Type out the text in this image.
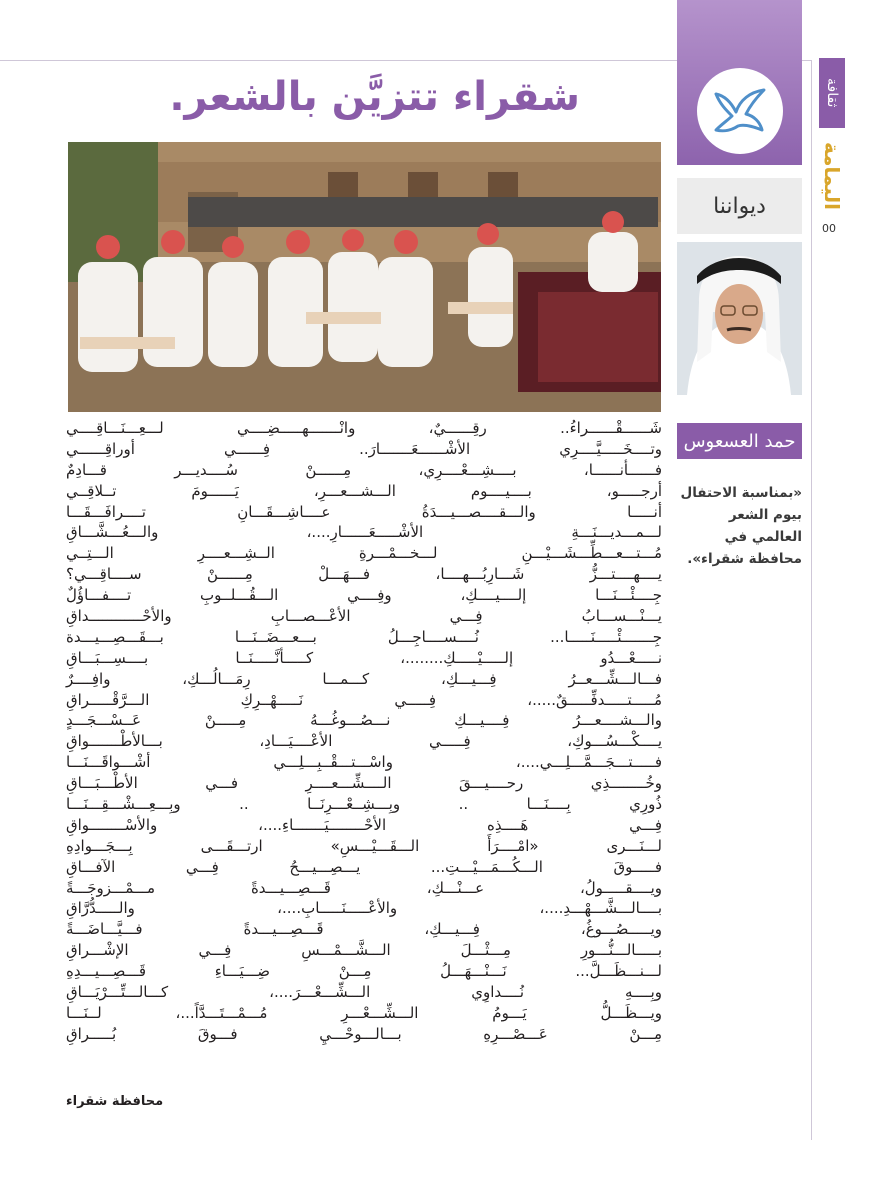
ثقافة
اليمامة
00
ديواننا
حمد العسعوس
«بمناسبة الاحتفال بيوم الشعر العالمي في محافظة شقراء».
شقراء تتزيَّن بالشعر.
شَــــــقْــــــراءُ.. رقِــــــيٌ، وانْـــــــهـــــضِــــي لـــعِـــنَـــاقِــــي
وتــــخَـــــيَّــــرِي الأشْــــــعَـــــــارَ.. فِــــــي أوراقِــــــي
فــــــأنــــــا، بــــشِـــعْــــرِي، مِــــــنْ سُــــديـــر قـــادِمٌ
أرجـــــو، بــــيــــوم الـــشـــعـــرِ، يَــــــومَ تــلاقِــي
أنـــــا والـــقــــصـــيـــدَةُ عــــاشِـــقَـــانِ تــــرافَـــقَـــا
لـــمـــديـــنَـــةِ الأشْـــــعَــــــارِ....، والـــعُـــشَّـــاقِ
مُـــتـــعـــطِّـــشَـــيْـــنِ لـــخـــمْـــرةِ الــشِـــعــــرِ الـــتِــي
يــــهــــتـــزُّ شَـــارِبُـــهــــا، فـــهَـــلْ مِــــــنْ ســــاقِـــي؟
جِــــئْـــنَـــا إلــــيــــكِ، وفِــــي الـــقُـــلــوبِ تــــفـــاؤُلٌ
يـــنْـــســـابُ فِـــي الأعْـــصـــابِ والأحْــــــــــــداقِ
جِـــــــئْـــــنَـــــا... نُــــســــاجِـــلُ بـــعـــضَــنَـــا بـــقَـــصِـــيـــدة
نـــــعْـــدُو إلـــــيْـــــكِ........، كـــــأنَّـــــنَــا بــــسِـــبَـــاقِ
فـــالـــشِّـــعــرُ فِـــيـــكِ، كـــمـــا رِمَـــالُـــكِ، وافِــــرٌ
مُـــــتـــــدفِّـــــقٌ.....، فِـــــي نَـــــهْــرِكِ الـــرَّقْـــــراقِ
والـــشــــعـــرُ فِــــيـــكِ نـــصُـــوغُـــهُ مِـــــنْ عَــسْـــجَـــدٍ
يــــكْـــسُـــوكِ، فِـــــي الأعْــــيَـــادِ، بـــالأطْـــــــواقِ
فـــــتـــجَـــمَّـــلِـــي....، واسْـــتـــقْــبِـــلِـــي أشْـــواقَـــنَـــا
وخُــــــــذِي رحــــيـــقَ الــــشِّـــعــــرِ فـــي الأطْـــبَـــاقِ
ذُورِي بِــــنَـــا .. وبِـــشِــعْـــرِنَــا .. وبِـــعِـــشْـــقِـــنَـــا
فِـــي هَــــذِه الأحْــــــــيَـــــــاءِ....، والأسْــــــــواقِ
لـــنَـــرى «امْــــرَأَ الـــقَـــيْـــسِ» ارتـــقَـــى بِـــجَـــوادِهِ
فـــــوقَ الـــكُـــمَـــيْـــتِ... يـــصِـــيـــحُ فِـــي الآفـــاقِ
ويــــقـــــولُ، عـــنْـــكِ، قَـــصِـــيـــدةً مـــمْـــزوجَـــةً
بــــالـــشَّـــهْـــدِ....، والأعْـــــنَـــــابِ....، والـــــدُّرَّاقِ
ويـــــصُـــوغُ، فِـــيـــكِ، قَـــصِـــيـــدةً فـــيَّـــاضَـــةً
بـــــالـــنُّـــورِ مِـــثْـــلَ الـــشَّـــمْـــسِ فِـــي الإشْـــراقِ
لـــنـــظَـــلَّ... نَـــنْـــهَـــلُ مِـــنْ ضِـــيَـــاءِ قَـــصِـــيـــدِهِ
وبِــــهِ نُــــداوِي الـــشِّـــعْـــرَ....، كـــالـــتِّـــرْيَـــاقِ
ويـــظَـــلُّ يَـــومُ الـــشِّـــعْـــرِ مُـــمْـــتَـــدَّاً...، لــنَـــا
مِـــنْ عَـــصْـــرِهِ بـــالـــوحْـــيِ فـــوقَ بُـــــراقِ
محافظة شقراء
